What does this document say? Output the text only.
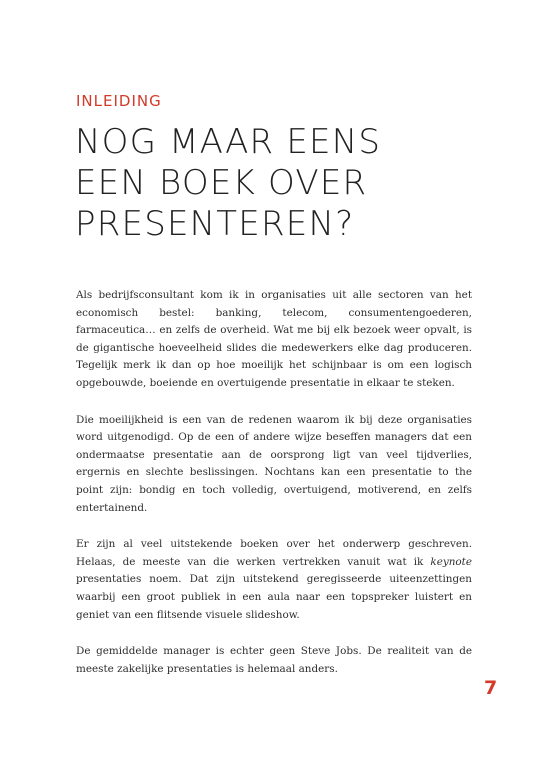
INLEIDING

NOG MAAR EENS
EEN BOEK OVER
PRESENTEREN?

Als bedrijfsconsultant kom ik in organisaties uit alle sectoren van het economisch bestel: banking, telecom, consumentengoederen, farmaceutica… en zelfs de overheid. Wat me bij elk bezoek weer opvalt, is de gigantische hoeveelheid slides die medewerkers elke dag produceren. Tegelijk merk ik dan op hoe moeilijk het schijnbaar is om een logisch opgebouwde, boeiende en overtuigende presentatie in elkaar te steken.

Die moeilijkheid is een van de redenen waarom ik bij deze organisaties word uitgenodigd. Op de een of andere wijze beseffen managers dat een ondermaatse presentatie aan de oorsprong ligt van veel tijdverlies, ergernis en slechte beslissingen. Nochtans kan een presentatie to the point zijn: bondig en toch volledig, overtuigend, motiverend, en zelfs entertainend.

Er zijn al veel uitstekende boeken over het onderwerp geschreven. Helaas, de meeste van die werken vertrekken vanuit wat ik keynote presentaties noem. Dat zijn uitstekend geregisseerde uiteenzettingen waarbij een groot publiek in een aula naar een topspreker luistert en geniet van een flitsende visuele slideshow.

De gemiddelde manager is echter geen Steve Jobs. De realiteit van de meeste zakelijke presentaties is helemaal anders.

7
